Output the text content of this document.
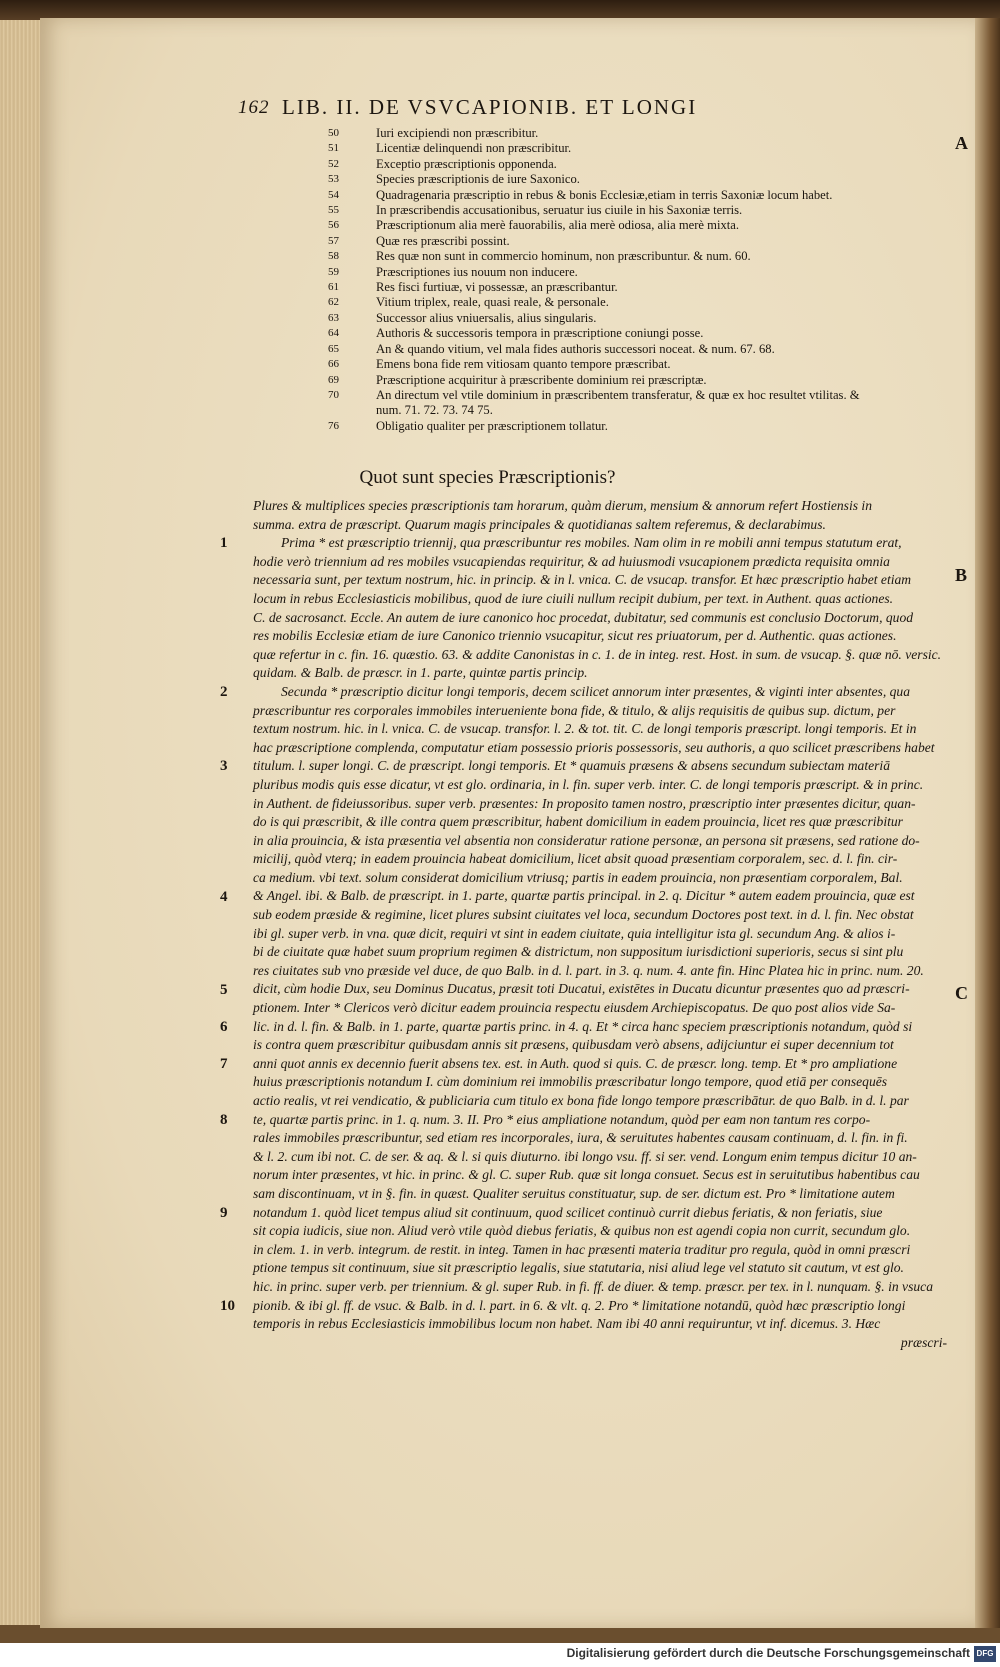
162 LIB. II. DE VSVCAPIONIB. ET LONGI
A
B
C
50	Iuri excipiendi non præscribitur.
51	Licentiæ delinquendi non præscribitur.
52	Exceptio præscriptionis opponenda.
53	Species præscriptionis de iure Saxonico.
54	Quadragenaria præscriptio in rebus & bonis Ecclesiæ,etiam in terris Saxoniæ locum habet.
55	In præscribendis accusationibus, seruatur ius ciuile in his Saxoniæ terris.
56	Præscriptionum alia merè fauorabilis, alia merè odiosa, alia merè mixta.
57	Quæ res præscribi possint.
58	Res quæ non sunt in commercio hominum, non præscribuntur. & num. 60.
59	Præscriptiones ius nouum non inducere.
61	Res fisci furtiuæ, vi possessæ, an præscribantur.
62	Vitium triplex, reale, quasi reale, & personale.
63	Successor alius vniuersalis, alius singularis.
64	Authoris & successoris tempora in præscriptione coniungi posse.
65	An & quando vitium, vel mala fides authoris successori noceat. & num. 67. 68.
66	Emens bona fide rem vitiosam quanto tempore præscribat.
69	Præscriptione acquiritur à præscribente dominium rei præscriptæ.
70	An directum vel vtile dominium in præscribentem transferatur, & quæ ex hoc resultet vtilitas. &
num. 71. 72. 73. 74 75.
76	Obligatio qualiter per præscriptionem tollatur.
Quot sunt species Præscriptionis?
Plures & multiplices species præscriptionis tam horarum, quàm dierum, mensium & annorum refert Hostiensis in
summa. extra de præscript. Quarum magis principales & quotidianas saltem referemus, & declarabimus.
Prima * est præscriptio triennij, qua præscribuntur res mobiles. Nam olim in re mobili anni tempus statutum erat,
hodie verò triennium ad res mobiles vsucapiendas requiritur, & ad huiusmodi vsucapionem prædicta requisita omnia
necessaria sunt, per textum nostrum, hic. in princip. & in l. vnica. C. de vsucap. transfor. Et hæc præscriptio habet etiam
locum in rebus Ecclesiasticis mobilibus, quod de iure ciuili nullum recipit dubium, per text. in Authent. quas actiones.
C. de sacrosanct. Eccle. An autem de iure canonico hoc procedat, dubitatur, sed communis est conclusio Doctorum, quod
res mobilis Ecclesiæ etiam de iure Canonico triennio vsucapitur, sicut res priuatorum, per d. Authentic. quas actiones.
quæ refertur in c. fin. 16. quæstio. 63. & addite Canonistas in c. 1. de in integ. rest. Host. in sum. de vsucap. §. quæ nō. versic.
quidam. & Balb. de præscr. in 1. parte, quintæ partis princip.
Secunda * præscriptio dicitur longi temporis, decem scilicet annorum inter præsentes, & viginti inter absentes, qua
præscribuntur res corporales immobiles interueniente bona fide, & titulo, & alijs requisitis de quibus sup. dictum, per
textum nostrum. hic. in l. vnica. C. de vsucap. transfor. l. 2. & tot. tit. C. de longi temporis præscript. longi temporis. Et in
hac præscriptione complenda, computatur etiam possessio prioris possessoris, seu authoris, a quo scilicet præscribens habet
titulum. l. super longi. C. de præscript. longi temporis. Et * quamuis præsens & absens secundum subiectam materiā
pluribus modis quis esse dicatur, vt est glo. ordinaria, in l. fin. super verb. inter. C. de longi temporis præscript. & in princ.
in Authent. de fideiussoribus. super verb. præsentes: In proposito tamen nostro, præscriptio inter præsentes dicitur, quan-
do is qui præscribit, & ille contra quem præscribitur, habent domicilium in eadem prouincia, licet res quæ præscribitur
in alia prouincia, & ista præsentia vel absentia non consideratur ratione personæ, an persona sit præsens, sed ratione do-
micilij, quòd vterq; in eadem prouincia habeat domicilium, licet absit quoad præsentiam corporalem, sec. d. l. fin. cir-
ca medium. vbi text. solum considerat domicilium vtriusq; partis in eadem prouincia, non præsentiam corporalem, Bal.
& Angel. ibi. & Balb. de præscript. in 1. parte, quartæ partis principal. in 2. q. Dicitur * autem eadem prouincia, quæ est
sub eodem præside & regimine, licet plures subsint ciuitates vel loca, secundum Doctores post text. in d. l. fin. Nec obstat
ibi gl. super verb. in vna. quæ dicit, requiri vt sint in eadem ciuitate, quia intelligitur ista gl. secundum Ang. & alios i-
bi de ciuitate quæ habet suum proprium regimen & districtum, non suppositum iurisdictioni superioris, secus si sint plu
res ciuitates sub vno præside vel duce, de quo Balb. in d. l. part. in 3. q. num. 4. ante fin. Hinc Platea hic in princ. num. 20.
dicit, cùm hodie Dux, seu Dominus Ducatus, præsit toti Ducatui, existētes in Ducatu dicuntur præsentes quo ad præscri-
ptionem. Inter * Clericos verò dicitur eadem prouincia respectu eiusdem Archiepiscopatus. De quo post alios vide Sa-
lic. in d. l. fin. & Balb. in 1. parte, quartæ partis princ. in 4. q. Et * circa hanc speciem præscriptionis notandum, quòd si
is contra quem præscribitur quibusdam annis sit præsens, quibusdam verò absens, adijciuntur ei super decennium tot
anni quot annis ex decennio fuerit absens tex. est. in Auth. quod si quis. C. de præscr. long. temp. Et * pro ampliatione
huius præscriptionis notandum I. cùm dominium rei immobilis præscribatur longo tempore, quod etiā per consequēs
actio realis, vt rei vendicatio, & publiciaria cum titulo ex bona fide longo tempore præscribātur. de quo Balb. in d. l. par
te, quartæ partis princ. in 1. q. num. 3. II. Pro * eius ampliatione notandum, quòd per eam non tantum res corpo-
rales immobiles præscribuntur, sed etiam res incorporales, iura, & seruitutes habentes causam continuam, d. l. fin. in fi.
& l. 2. cum ibi not. C. de ser. & aq. & l. si quis diuturno. ibi longo vsu. ff. si ser. vend. Longum enim tempus dicitur 10 an-
norum inter præsentes, vt hic. in princ. & gl. C. super Rub. quæ sit longa consuet. Secus est in seruitutibus habentibus cau
sam discontinuam, vt in §. fin. in quæst. Qualiter seruitus constituatur, sup. de ser. dictum est. Pro * limitatione autem
notandum 1. quòd licet tempus aliud sit continuum, quod scilicet continuò currit diebus feriatis, & non feriatis, siue
sit copia iudicis, siue non. Aliud verò vtile quòd diebus feriatis, & quibus non est agendi copia non currit, secundum glo.
in clem. 1. in verb. integrum. de restit. in integ. Tamen in hac præsenti materia traditur pro regula, quòd in omni præscri
ptione tempus sit continuum, siue sit præscriptio legalis, siue statutaria, nisi aliud lege vel statuto sit cautum, vt est glo.
hic. in princ. super verb. per triennium. & gl. super Rub. in fi. ff. de diuer. & temp. præscr. per tex. in l. nunquam. §. in vsuca
pionib. & ibi gl. ff. de vsuc. & Balb. in d. l. part. in 6. & vlt. q. 2. Pro * limitatione notandū, quòd hæc præscriptio longi
temporis in rebus Ecclesiasticis immobilibus locum non habet. Nam ibi 40 anni requiruntur, vt inf. dicemus. 3. Hæc
præscri-
1
2
3
4
5
6
7
8
9
10
Digitalisierung gefördert durch die Deutsche Forschungsgemeinschaft DFG
